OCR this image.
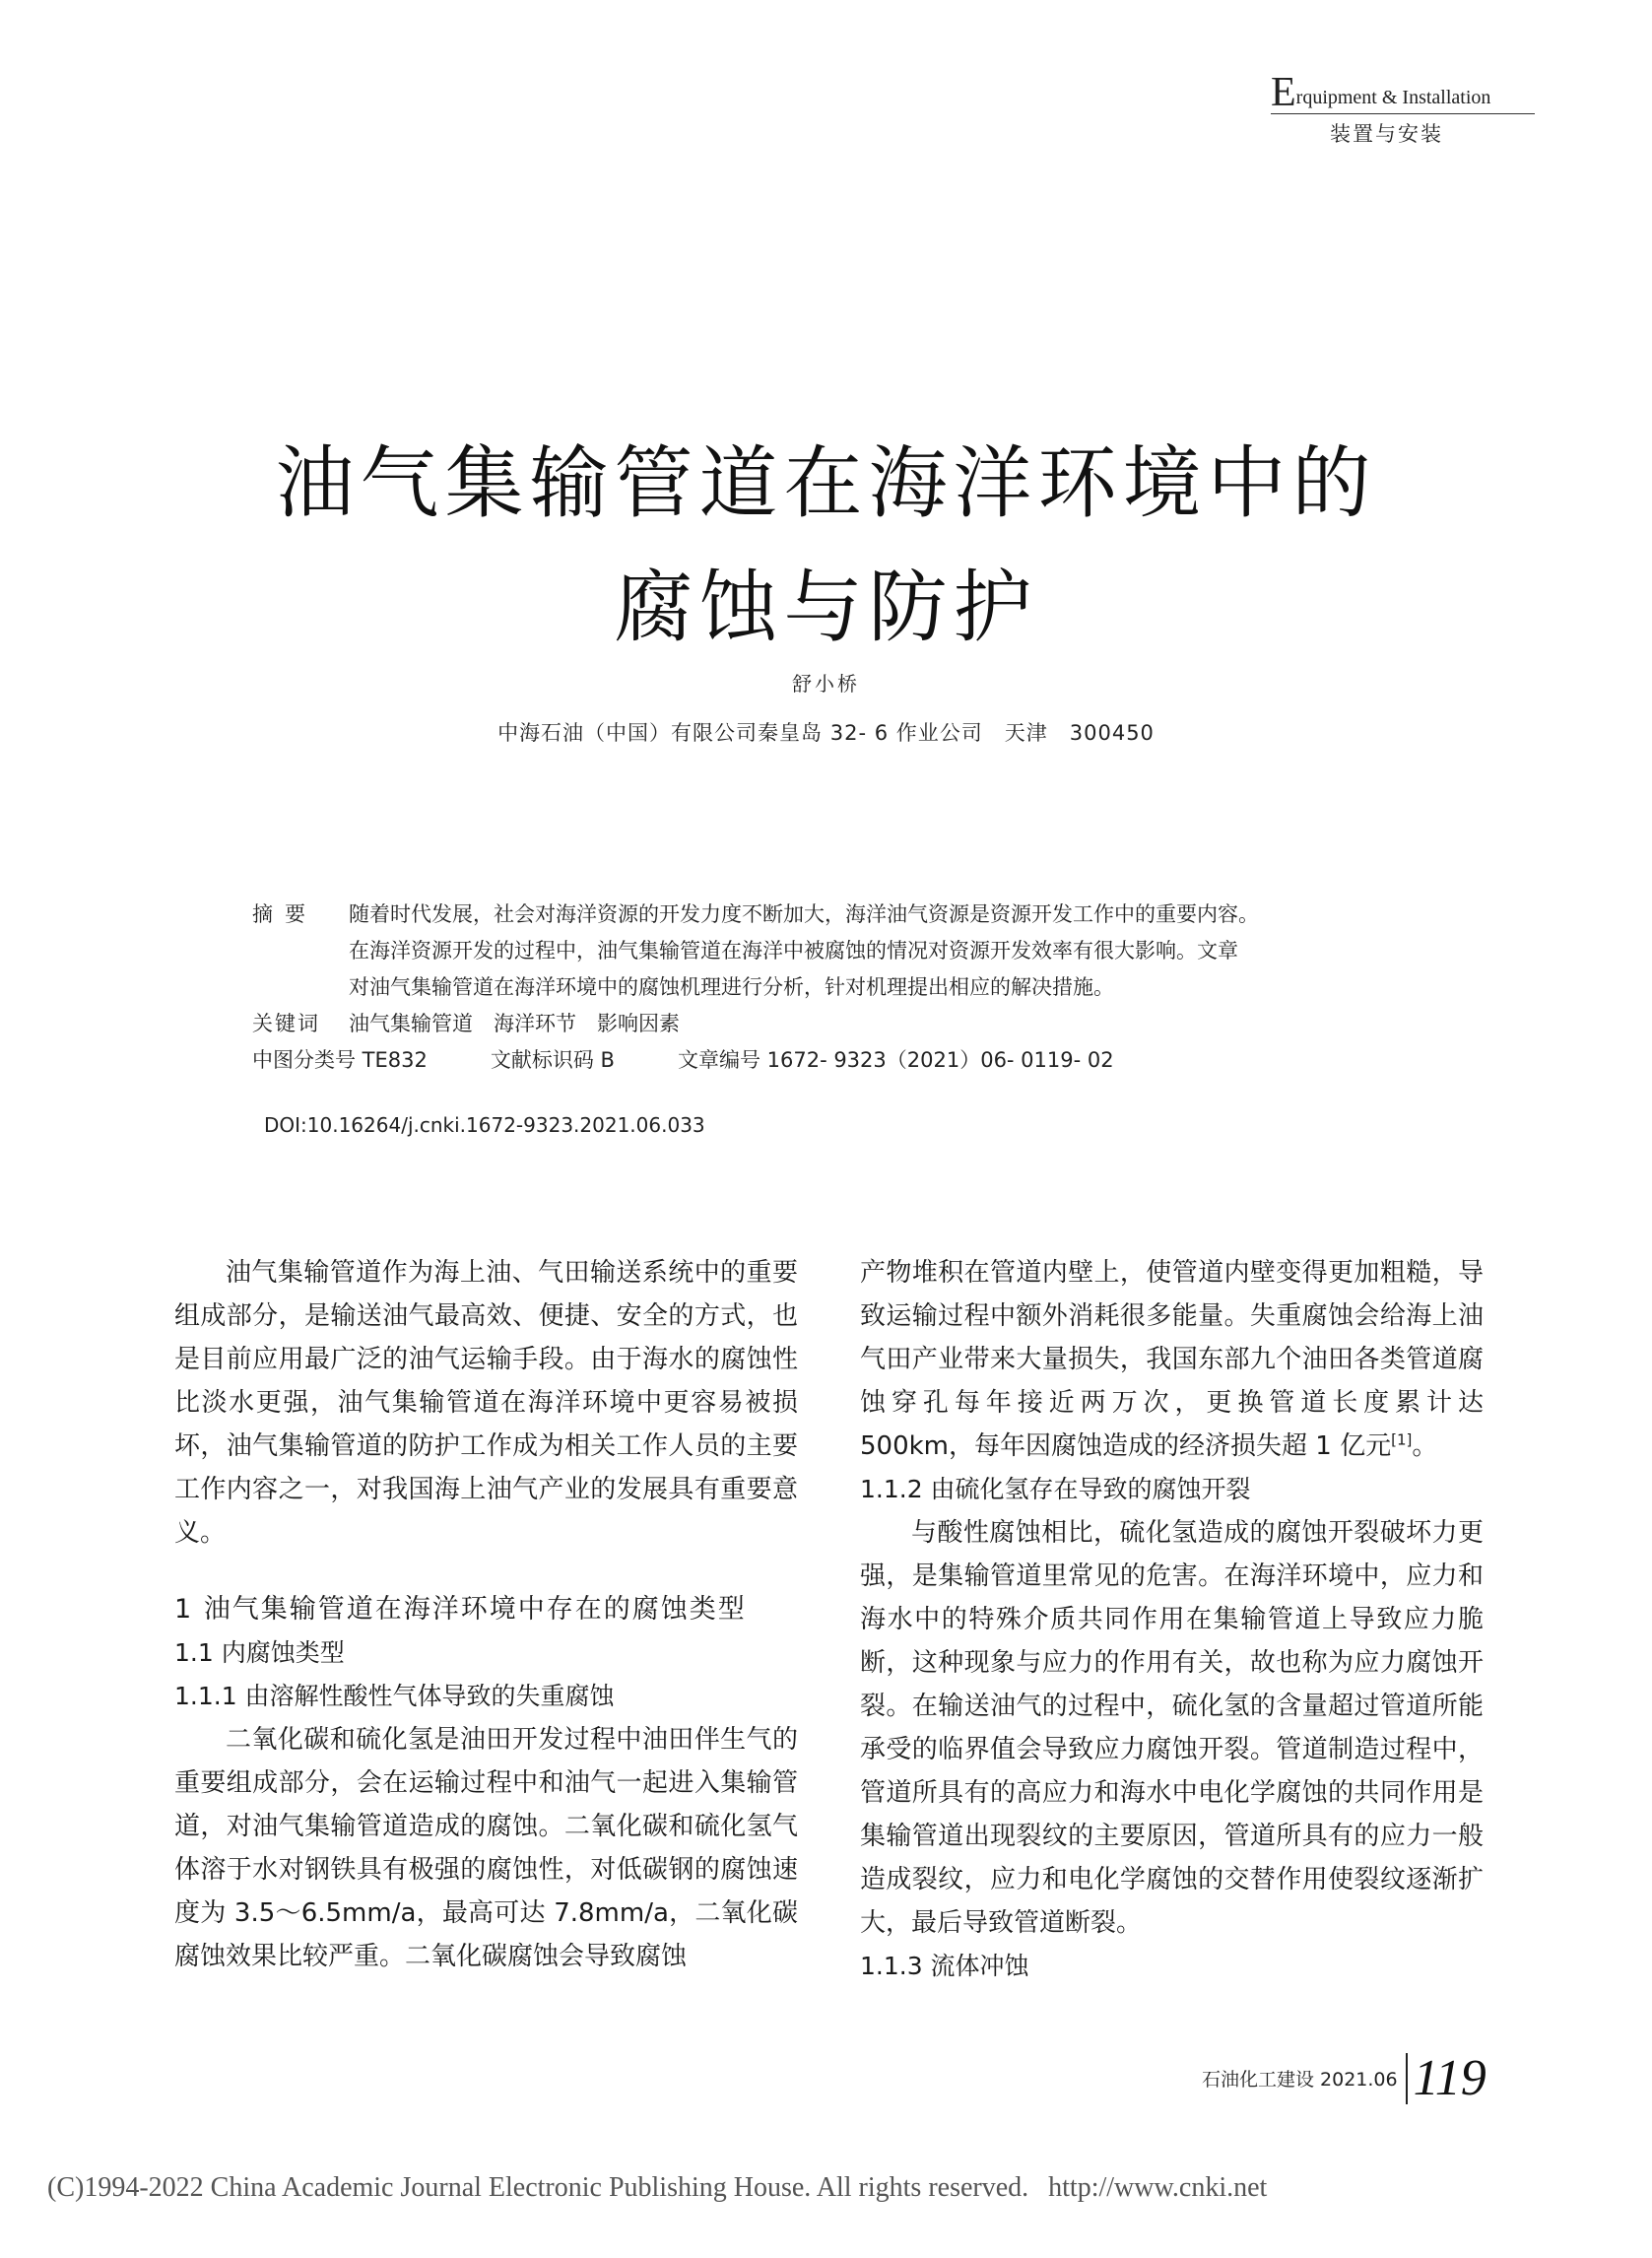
Erquipment & Installation
装置与安装
油气集输管道在海洋环境中的
腐蚀与防护
舒小桥
中海石油（中国）有限公司秦皇岛 32- 6 作业公司　天津　300450
摘要 随着时代发展，社会对海洋资源的开发力度不断加大，海洋油气资源是资源开发工作中的重要内容。
在海洋资源开发的过程中，油气集输管道在海洋中被腐蚀的情况对资源开发效率有很大影响。文章
对油气集输管道在海洋环境中的腐蚀机理进行分析，针对机理提出相应的解决措施。
关键词 油气集输管道　海洋环节　影响因素
中图分类号 TE832	文献标识码 B	文章编号 1672- 9323（2021）06- 0119- 02
DOI:10.16264/j.cnki.1672-9323.2021.06.033

油气集输管道作为海上油、气田输送系统中的重要组成部分，是输送油气最高效、便捷、安全的方式，也是目前应用最广泛的油气运输手段。由于海水的腐蚀性比淡水更强，油气集输管道在海洋环境中更容易被损坏，油气集输管道的防护工作成为相关工作人员的主要工作内容之一，对我国海上油气产业的发展具有重要意义。

1 油气集输管道在海洋环境中存在的腐蚀类型
1.1 内腐蚀类型
1.1.1 由溶解性酸性气体导致的失重腐蚀

二氧化碳和硫化氢是油田开发过程中油田伴生气的重要组成部分，会在运输过程中和油气一起进入集输管道，对油气集输管道造成的腐蚀。二氧化碳和硫化氢气体溶于水对钢铁具有极强的腐蚀性，对低碳钢的腐蚀速度为 3.5～6.5mm/a，最高可达 7.8mm/a，二氧化碳腐蚀效果比较严重。二氧化碳腐蚀会导致腐蚀

产物堆积在管道内壁上，使管道内壁变得更加粗糙，导致运输过程中额外消耗很多能量。失重腐蚀会给海上油气田产业带来大量损失，我国东部九个油田各类管道腐蚀穿孔每年接近两万次，更换管道长度累计达 500km，每年因腐蚀造成的经济损失超 1 亿元[1]。

1.1.2 由硫化氢存在导致的腐蚀开裂

与酸性腐蚀相比，硫化氢造成的腐蚀开裂破坏力更强，是集输管道里常见的危害。在海洋环境中，应力和海水中的特殊介质共同作用在集输管道上导致应力脆断，这种现象与应力的作用有关，故也称为应力腐蚀开裂。在输送油气的过程中，硫化氢的含量超过管道所能承受的临界值会导致应力腐蚀开裂。管道制造过程中，管道所具有的高应力和海水中电化学腐蚀的共同作用是集输管道出现裂纹的主要原因，管道所具有的应力一般造成裂纹，应力和电化学腐蚀的交替作用使裂纹逐渐扩大，最后导致管道断裂。

1.1.3 流体冲蚀
石油化工建设 2021.06 119
(C)1994-2022 China Academic Journal Electronic Publishing House. All rights reserved. http://www.cnki.net
